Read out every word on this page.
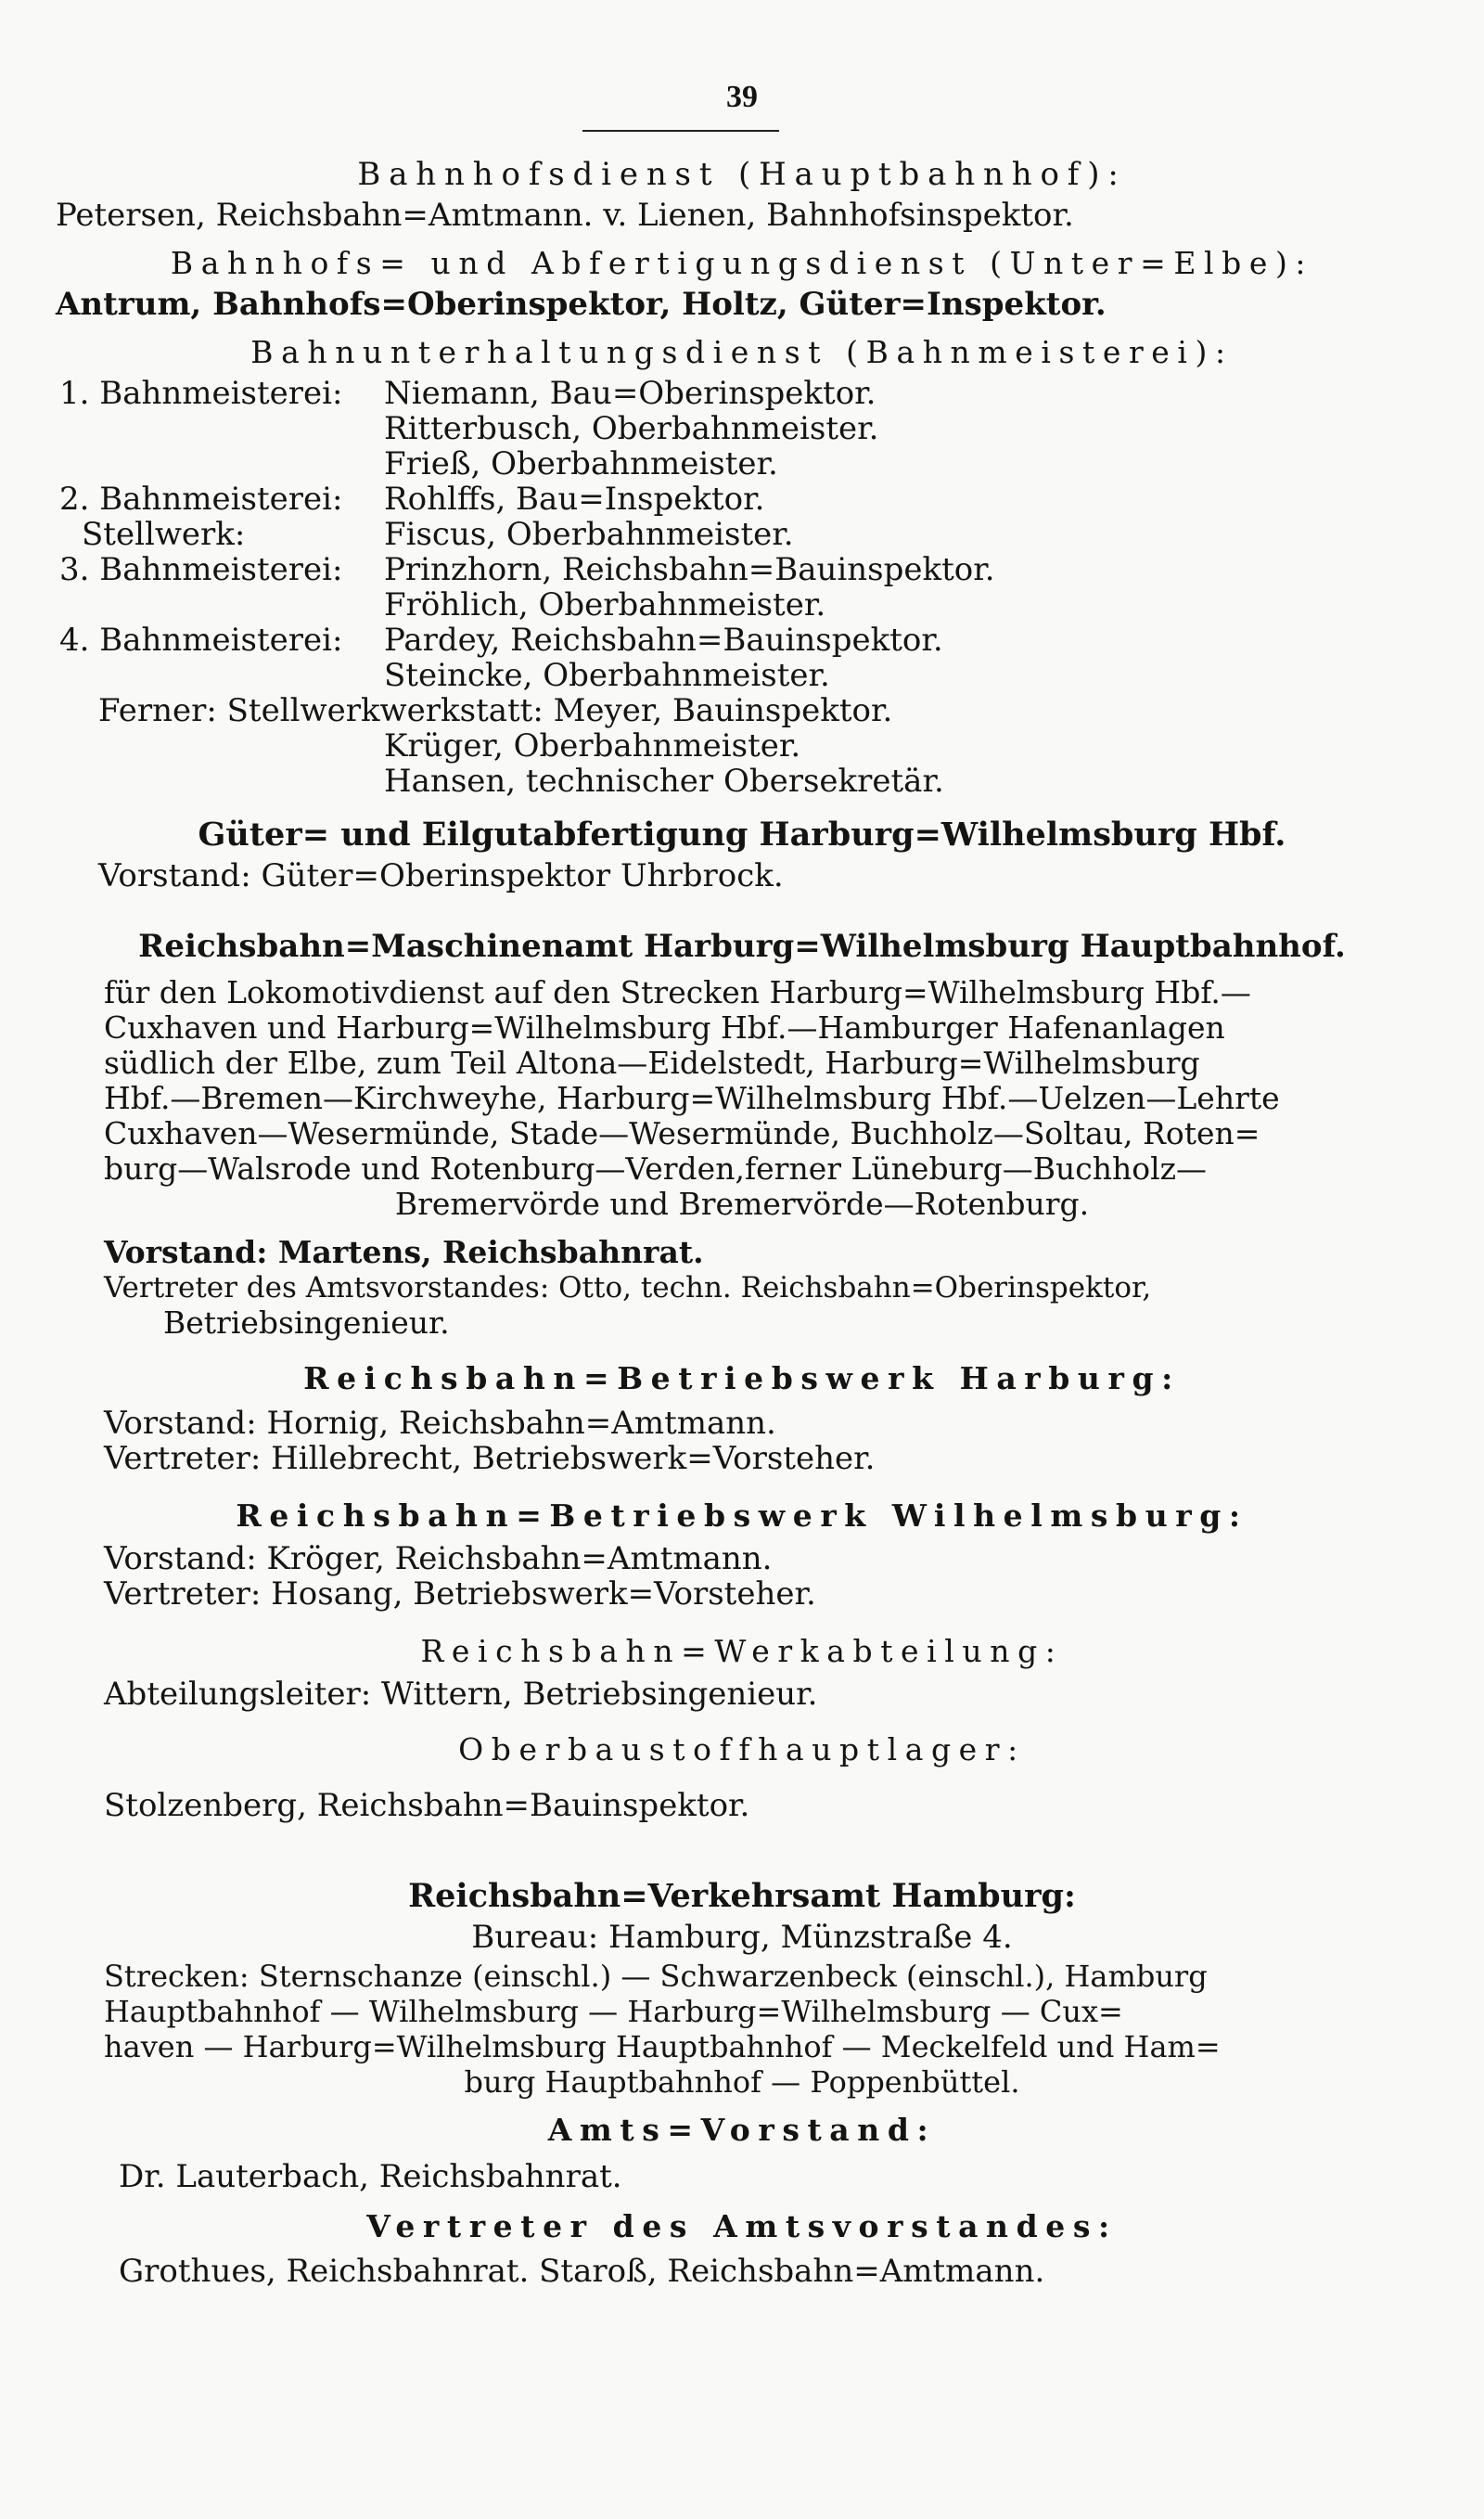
39
Bahnhofsdienst (Hauptbahnhof):
Petersen, Reichsbahn=Amtmann. v. Lienen, Bahnhofsinspektor.
Bahnhofs= und Abfertigungsdienst (Unter=Elbe):
Antrum, Bahnhofs=Oberinspektor, Holtz, Güter=Inspektor.
Bahnunterhaltungsdienst (Bahnmeisterei):
1. Bahnmeisterei: Niemann, Bau=Oberinspektor.
Ritterbusch, Oberbahnmeister.
Frieß, Oberbahnmeister.
2. Bahnmeisterei: Rohlffs, Bau=Inspektor.
Stellwerk:	Fiscus, Oberbahnmeister.
3. Bahnmeisterei: Prinzhorn, Reichsbahn=Bauinspektor.
Fröhlich, Oberbahnmeister.
4. Bahnmeisterei: Pardey, Reichsbahn=Bauinspektor.
Steincke, Oberbahnmeister.
Ferner: Stellwerkwerkstatt: Meyer, Bauinspektor.
Krüger, Oberbahnmeister.
Hansen, technischer Obersekretär.
Güter= und Eilgutabfertigung Harburg=Wilhelmsburg Hbf.
Vorstand: Güter=Oberinspektor Uhrbrock.
Reichsbahn=Maschinenamt Harburg=Wilhelmsburg Hauptbahnhof.
für den Lokomotivdienst auf den Strecken Harburg=Wilhelmsburg Hbf.—
Cuxhaven und Harburg=Wilhelmsburg Hbf.—Hamburger Hafenanlagen
südlich der Elbe, zum Teil Altona—Eidelstedt, Harburg=Wilhelmsburg
Hbf.—Bremen—Kirchweyhe, Harburg=Wilhelmsburg Hbf.—Uelzen—Lehrte
Cuxhaven—Wesermünde, Stade—Wesermünde, Buchholz—Soltau, Roten=
burg—Walsrode und Rotenburg—Verden,ferner Lüneburg—Buchholz—
Bremervörde und Bremervörde—Rotenburg.
Vorstand: Martens, Reichsbahnrat.
Vertreter des Amtsvorstandes: Otto, techn. Reichsbahn=Oberinspektor,
Betriebsingenieur.
Reichsbahn=Betriebswerk Harburg:
Vorstand: Hornig, Reichsbahn=Amtmann.
Vertreter: Hillebrecht, Betriebswerk=Vorsteher.
Reichsbahn=Betriebswerk Wilhelmsburg:
Vorstand: Kröger, Reichsbahn=Amtmann.
Vertreter: Hosang, Betriebswerk=Vorsteher.
Reichsbahn=Werkabteilung:
Abteilungsleiter: Wittern, Betriebsingenieur.
Oberbaustoffhauptlager:
Stolzenberg, Reichsbahn=Bauinspektor.
Reichsbahn=Verkehrsamt Hamburg:
Bureau: Hamburg, Münzstraße 4.
Strecken: Sternschanze (einschl.) — Schwarzenbeck (einschl.), Hamburg
Hauptbahnhof — Wilhelmsburg — Harburg=Wilhelmsburg — Cux=
haven — Harburg=Wilhelmsburg Hauptbahnhof — Meckelfeld und Ham=
burg Hauptbahnhof — Poppenbüttel.
Amts=Vorstand:
Dr. Lauterbach, Reichsbahnrat.
Vertreter des Amtsvorstandes:
Grothues, Reichsbahnrat. Staroß, Reichsbahn=Amtmann.
